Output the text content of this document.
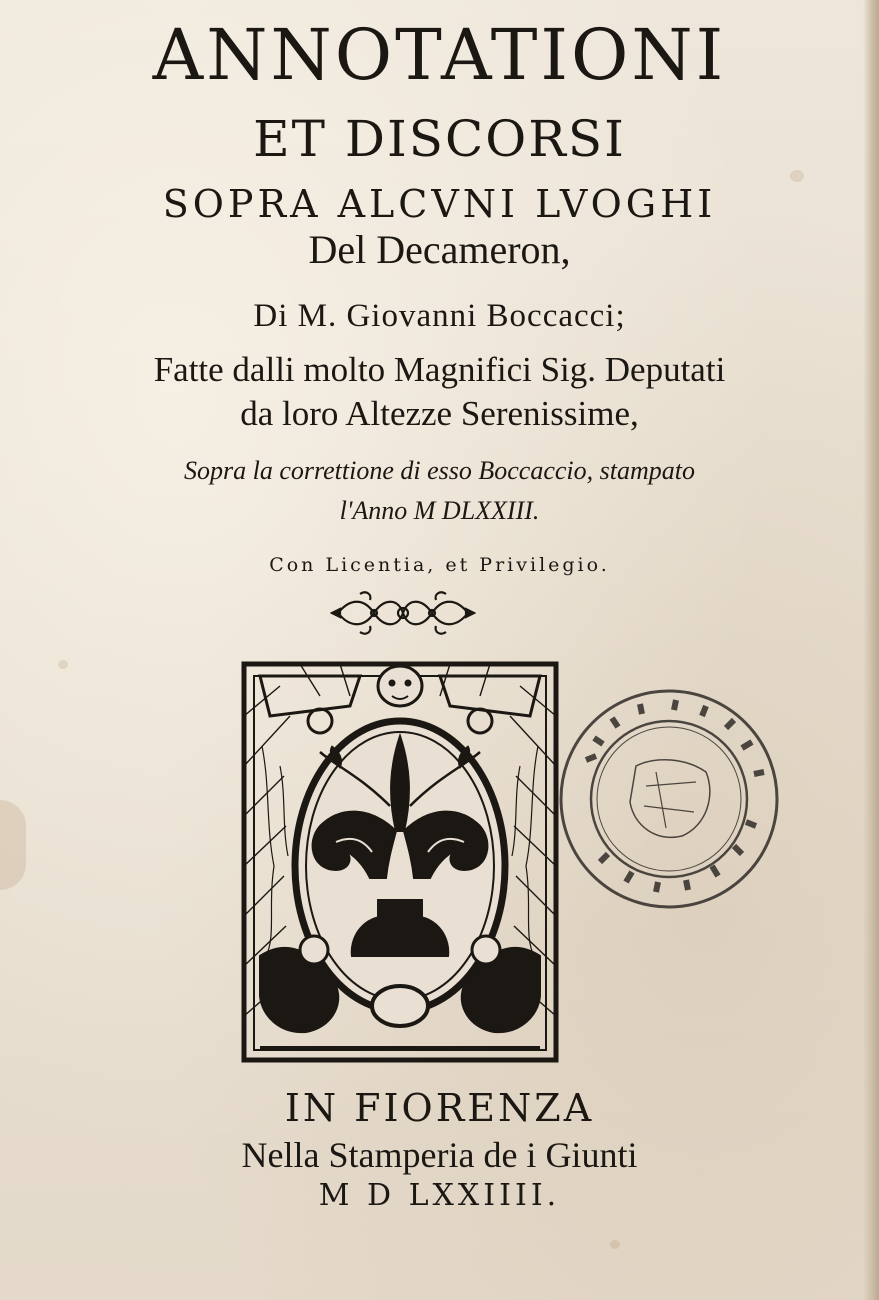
ANNOTATIONI
ET DISCORSI
SOPRA ALCVNI LVOGHI
Del Decameron,
Di M. Giovanni Boccacci;
Fatte dalli molto Magnifici Sig. Deputati
da loro Altezze Serenissime,
Sopra la correttione di esso Boccaccio, stampato
l'Anno M DLXXIII.
Con Licentia, et Privilegio.
IN FIORENZA
Nella Stamperia de i Giunti
M D LXXIIII.
